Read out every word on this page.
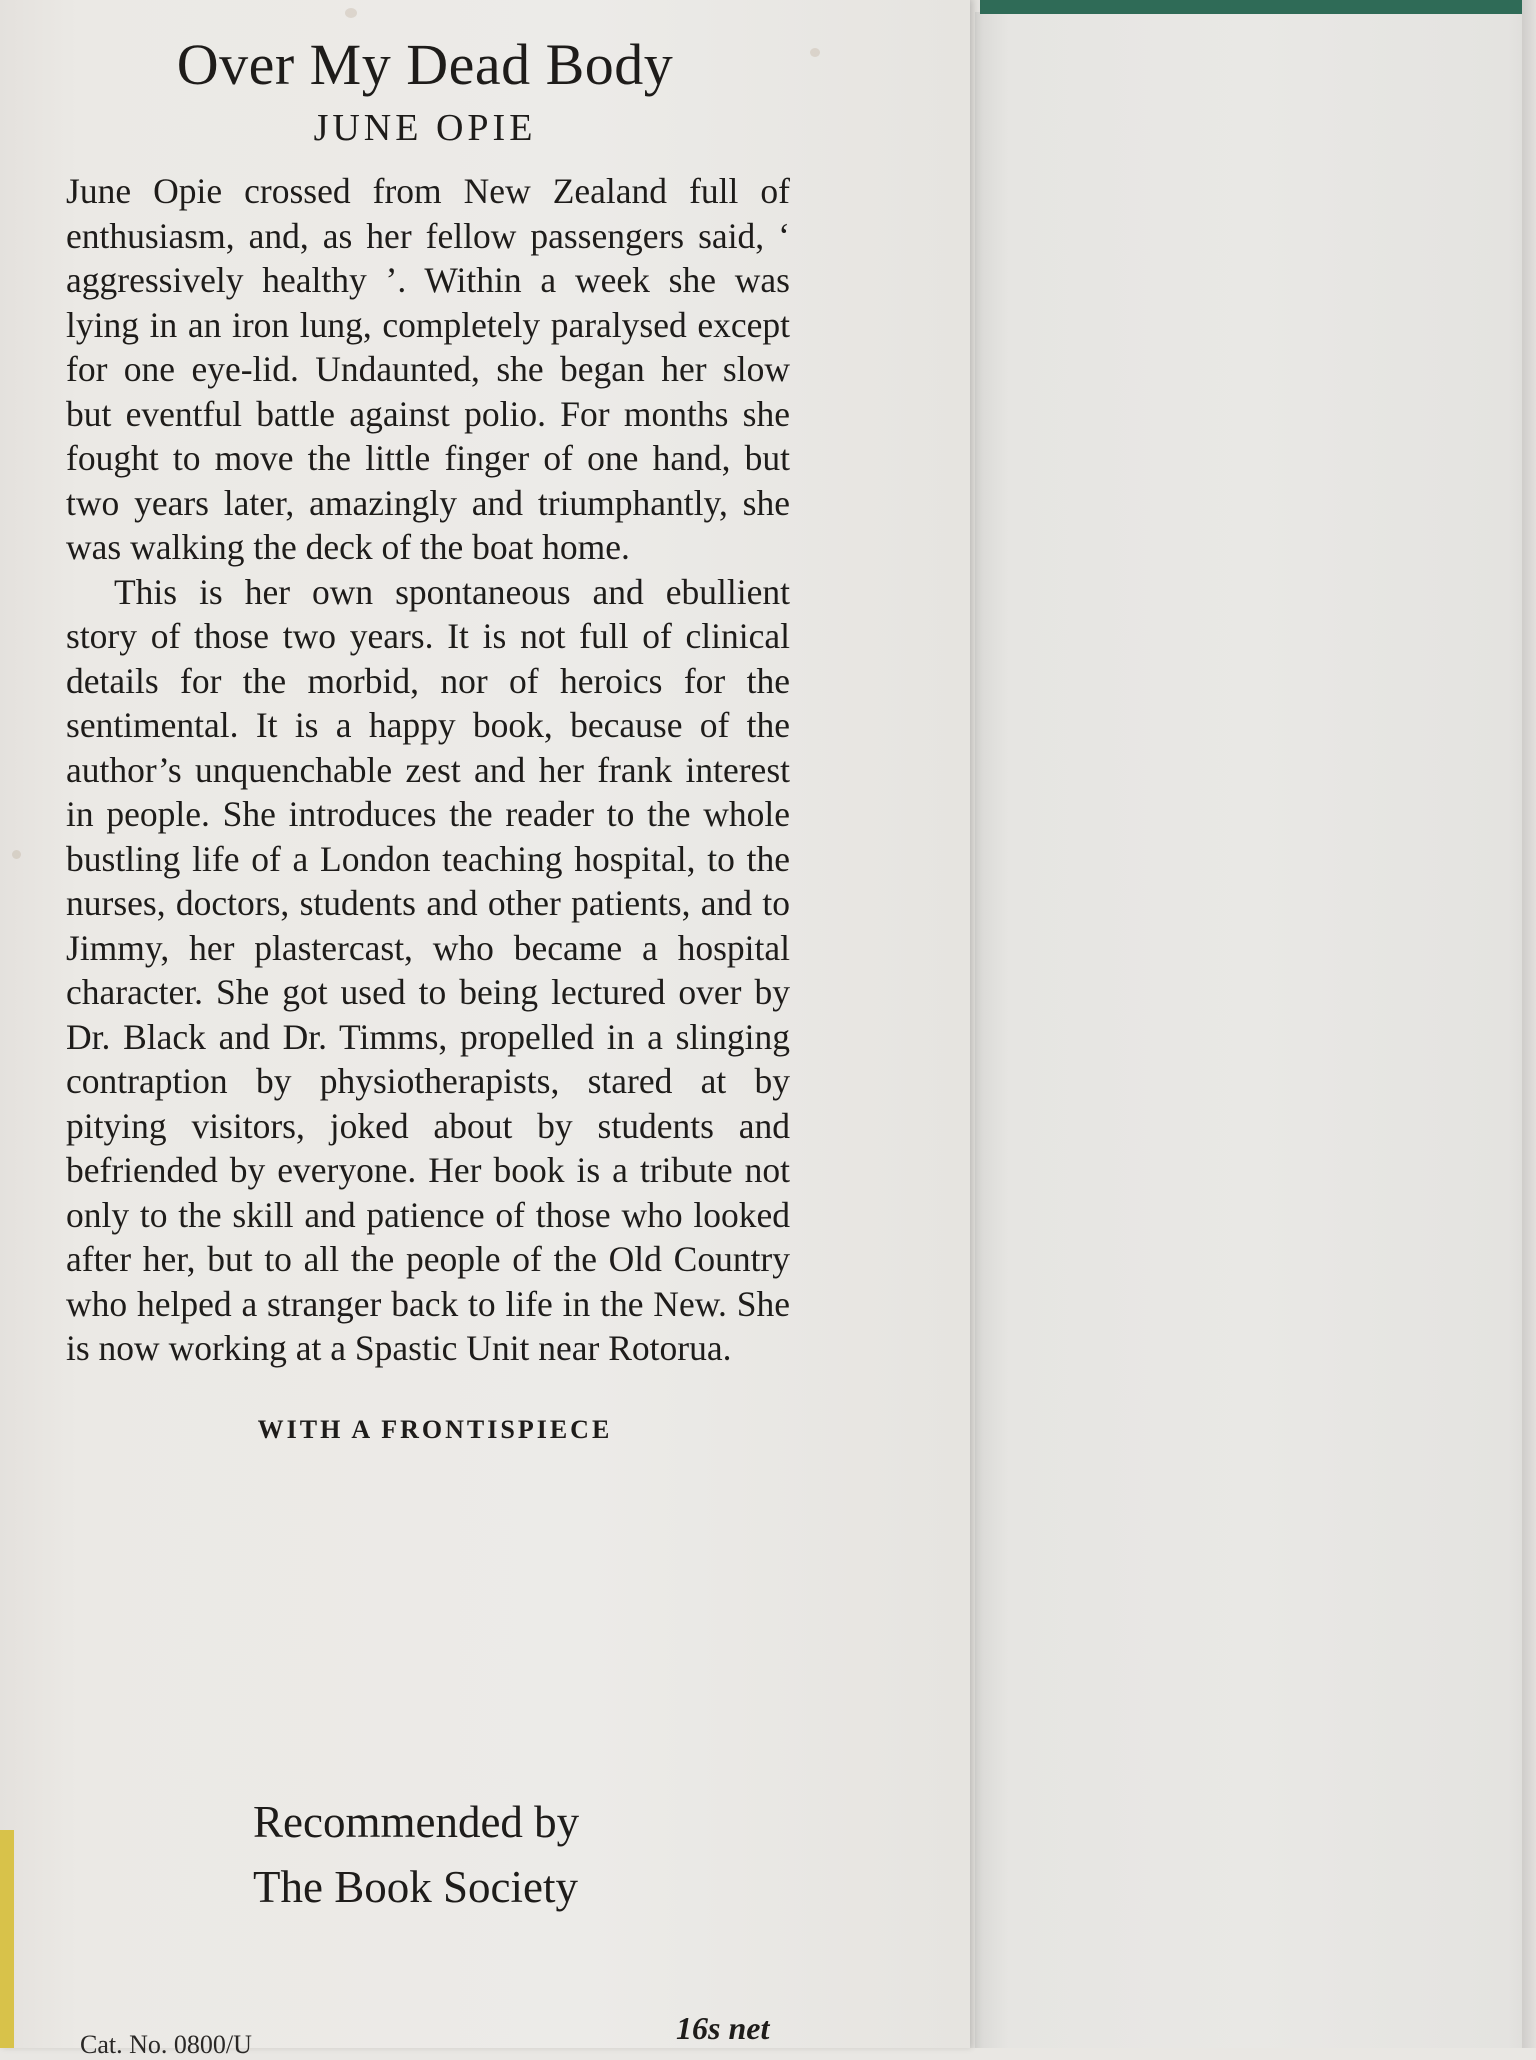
Over My Dead Body
JUNE OPIE

June Opie crossed from New Zealand full of enthusiasm, and, as her fellow passengers said, ‘ aggressively healthy ’. Within a week she was lying in an iron lung, completely paralysed except for one eye-lid. Undaunted, she began her slow but eventful battle against polio. For months she fought to move the little finger of one hand, but two years later, amazingly and triumphantly, she was walking the deck of the boat home.

This is her own spontaneous and ebullient story of those two years. It is not full of clinical details for the morbid, nor of heroics for the sentimental. It is a happy book, because of the author’s unquenchable zest and her frank interest in people. She introduces the reader to the whole bustling life of a London teaching hospital, to the nurses, doctors, students and other patients, and to Jimmy, her plastercast, who became a hospital character. She got used to being lectured over by Dr. Black and Dr. Timms, propelled in a slinging contraption by physiotherapists, stared at by pitying visitors, joked about by students and befriended by everyone. Her book is a tribute not only to the skill and patience of those who looked after her, but to all the people of the Old Country who helped a stranger back to life in the New. She is now working at a Spastic Unit near Rotorua.

WITH A FRONTISPIECE
Recommended by
The Book Society
Cat. No. 0800/U	16s net
